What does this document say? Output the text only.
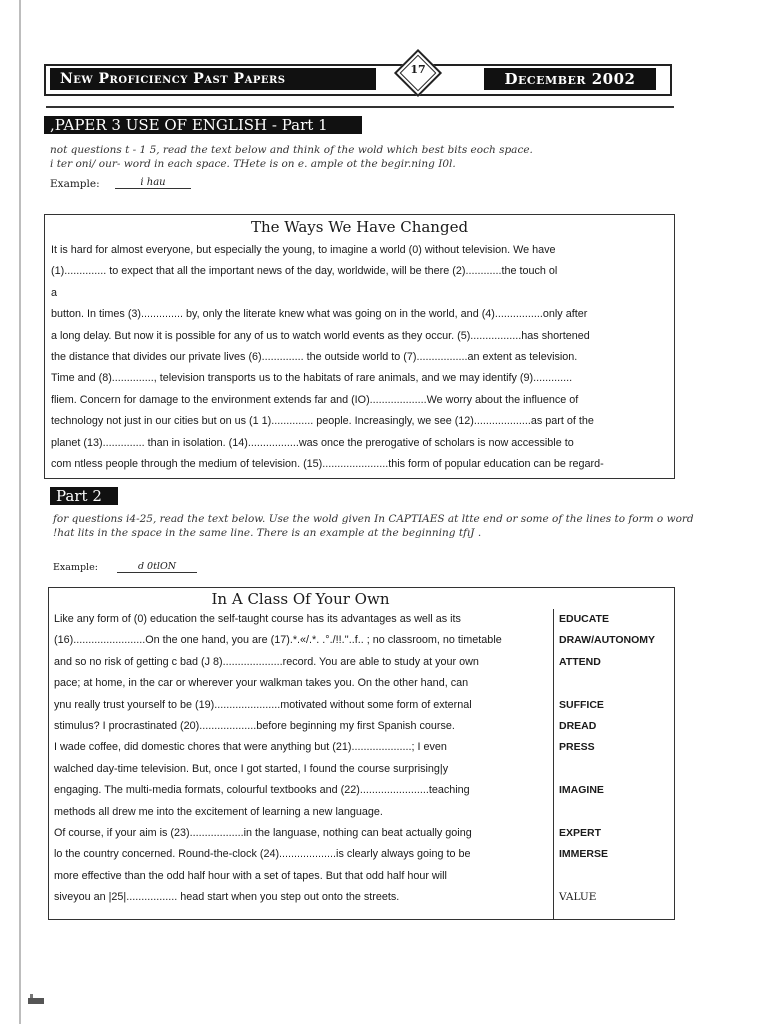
New Proficiency Past Papers
17
December 2002
,PAPER 3 USE OF ENGLISH - Part 1
not questions t - 1 5, read the text below and think of the wold which best bits eoch space.
i ter oni/ our- word in each space. THete is on e. ample ot the begir.ning I0l.
Example:	i hau
The Ways We Have Changed
It is hard for almost everyone, but especially the young, to imagine a world (0) without television. We have
(1).............. to expect that all the important news of the day, worldwide, will be there (2)............the touch ol
a
button. In times (3).............. by, only the literate knew what was going on in the world, and (4)................only after
a long delay. But now it is possible for any of us to watch world events as they occur. (5).................has shortened
the distance that divides our private lives (6).............. the outside world to (7).................an extent as television.
Time and (8).............., television transports us to the habitats of rare animals, and we may identify (9).............
fliem. Concern for damage to the environment extends far and (IO)...................We worry about the influence of
technology not just in our cities but on us (1 1).............. people. Increasingly, we see (12)...................as part of the
planet (13).............. than in isolation. (14).................was once the prerogative of scholars is now accessible to
com ntless people through the medium of television. (15)......................this form of popular education can be regard-
Part 2
for questions i4-25, read the text below. Use the wold given In CAPTIAES at ltte end or some of the lines to form o word
!hat lits in the space in the same line. There is an example at the beginning tfıJ .
Example:	d 0tlON
In A Class Of Your Own
Like any form of (0) education the self-taught course has its advantages as well as its
(16)........................On the one hand, you are (17).*.«/.*. .°./!!.''..f.. ; no classroom, no timetable
and so no risk of getting c bad (J 8)....................record. You are able to study at your own
pace; at home, in the car or wherever your walkman takes you. On the other hand, can
ynu really trust yourself to be (19)......................motivated without some form of external
stimulus? I procrastinated (20)...................before beginning my first Spanish course.
I wade coffee, did domestic chores that were anything but (21)....................; I even
walched day-time television. But, once I got started, I found the course surprising|y
engaging. The multi-media formats, colourful textbooks and (22).......................teaching
methods all drew me into the excitement of learning a new language.
Of course, if your aim is (23)..................in the languase, nothing can beat actually going
lo the country concerned. Round-the-clock (24)...................is clearly always going to be
more effective than the odd half hour with a set of tapes. But that odd half hour will
siveyou an |25|................. head start when you step out onto the streets.
EDUCATE
DRAW/AUTONOMY
ATTEND
SUFFICE
DREAD
PRESS
IMAGINE
EXPERT
IMMERSE
VALUE
